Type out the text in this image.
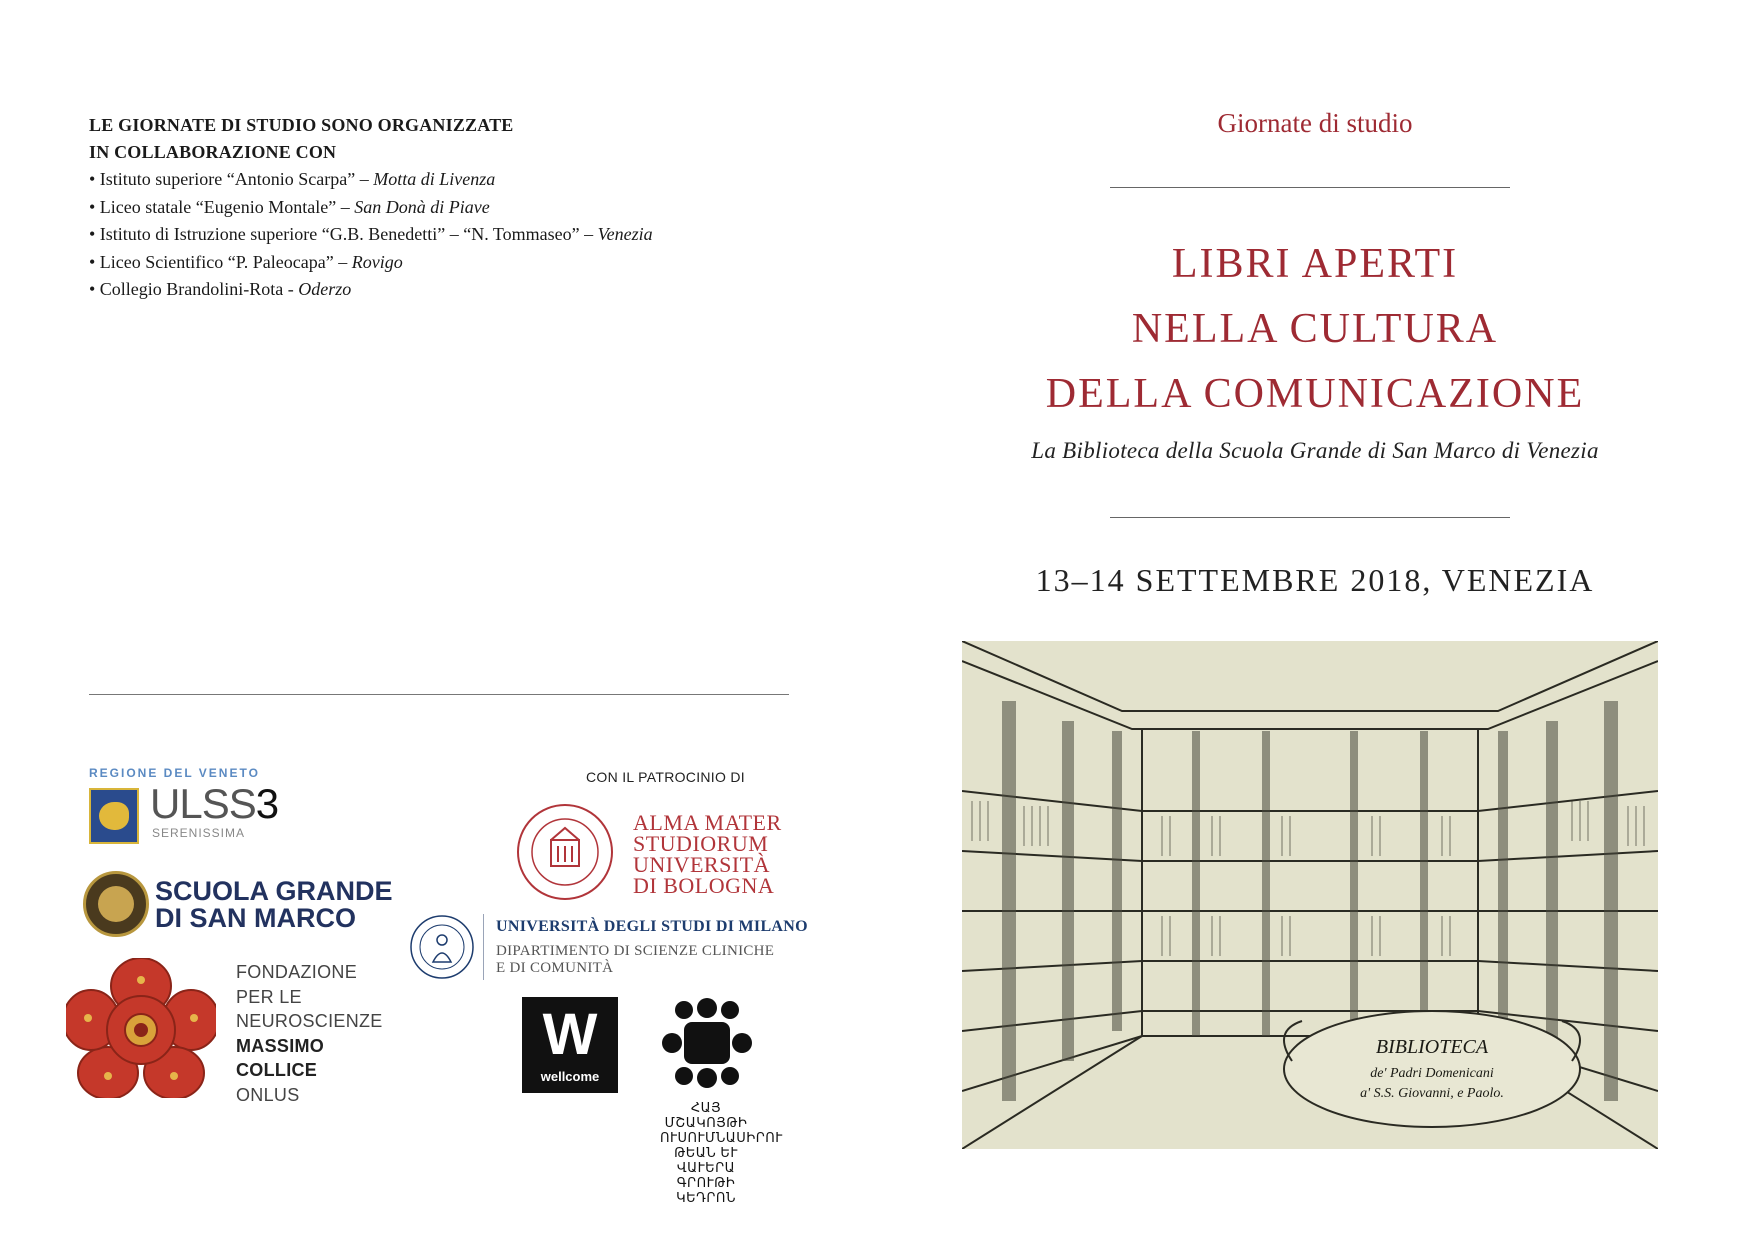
LE GIORNATE DI STUDIO SONO ORGANIZZATE
IN COLLABORAZIONE CON
• Istituto superiore “Antonio Scarpa” – Motta di Livenza
• Liceo statale “Eugenio Montale” – San Donà di Piave
• Istituto di Istruzione superiore “G.B. Benedetti” – “N. Tommaseo” – Venezia
• Liceo Scientifico “P. Paleocapa” – Rovigo
• Collegio Brandolini-Rota - Oderzo
REGIONE DEL VENETO
ULSS3
SERENISSIMA
SCUOLA GRANDE
DI SAN MARCO
FONDAZIONE
PER LE
NEUROSCIENZE
MASSIMO
COLLICE
ONLUS
CON IL PATROCINIO DI
ALMA MATER
STUDIORUM
UNIVERSITÀ
DI BOLOGNA
UNIVERSITÀ DEGLI STUDI DI MILANO
DIPARTIMENTO DI SCIENZE CLINICHE
E DI COMUNITÀ
W
wellcome
ՀԱՅ ՄՇԱԿՈՅԹԻ
ՈՒՍՈՒՄՆԱՍԻՐՈՒ
ԹԵԱՆ ԵՒ ՎԱՒԵՐԱ
ԳՐՈՒԹԻ ԿԵԴՐՈՆ
Giornate di studio
LIBRI APERTI
NELLA CULTURA
DELLA COMUNICAZIONE
La Biblioteca della Scuola Grande di San Marco di Venezia
13–14 SETTEMBRE 2018, VENEZIA
BIBLIOTECA
de' Padri Domenicani
a' S.S. Giovanni, e Paolo.
